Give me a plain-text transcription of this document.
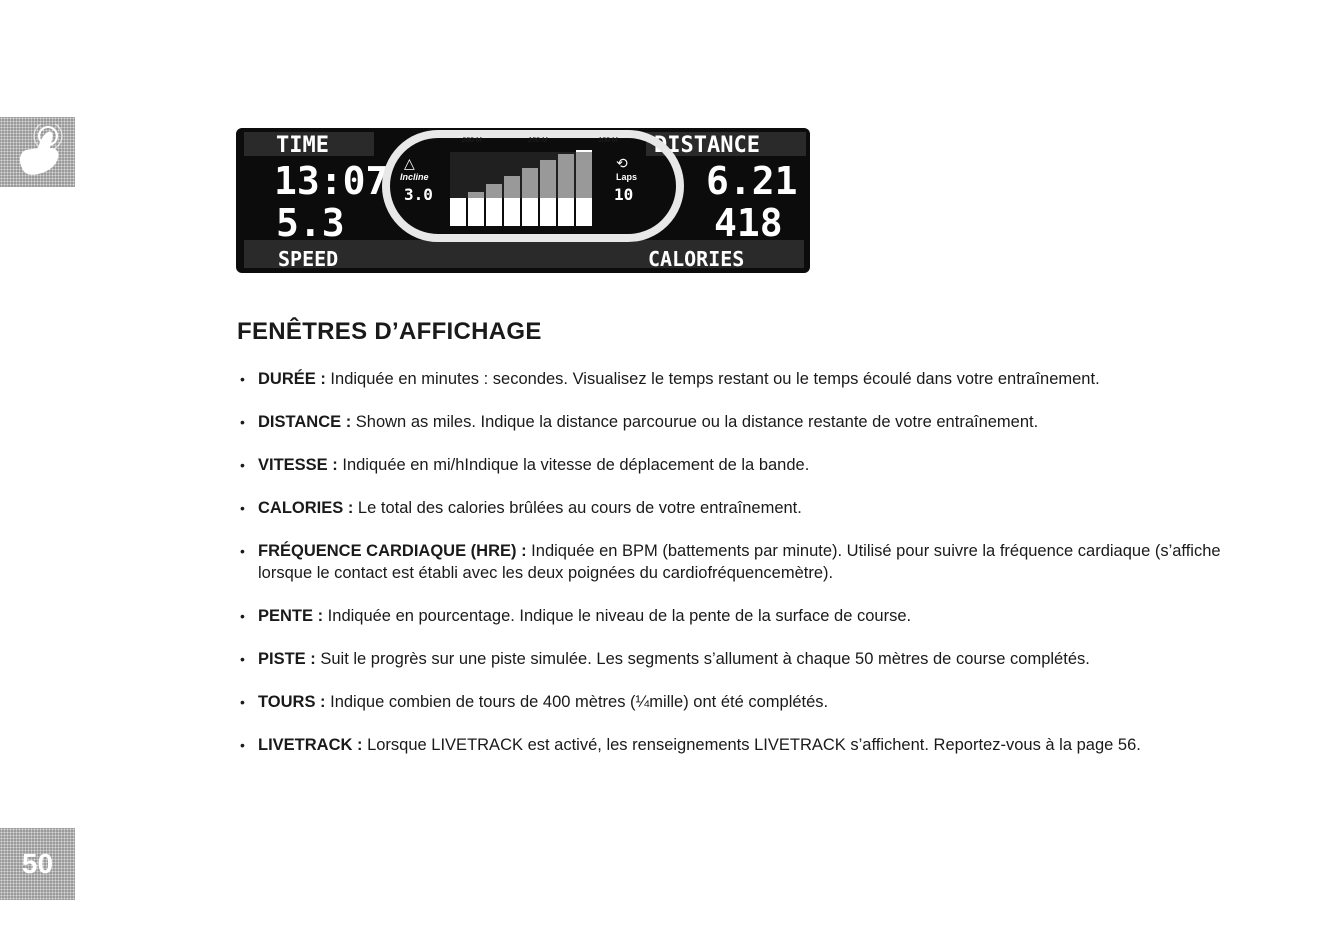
TIME	DISTANCE
SPEED	CALORIES
13:07	6.21
5.3	418
200 M	150 M	100 M
△
Incline
3.0
⟲
Laps
10
FENÊTRES D’AFFICHAGE
• DURÉE : Indiquée en minutes : secondes. Visualisez le temps restant ou le temps écoulé dans votre entraînement.
• DISTANCE : Shown as miles. Indique la distance parcourue ou la distance restante de votre entraînement.
• VITESSE : Indiquée en mi/hIndique la vitesse de déplacement de la bande.
• CALORIES : Le total des calories brûlées au cours de votre entraînement.
• FRÉQUENCE CARDIAQUE (HRE) : Indiquée en BPM (battements par minute). Utilisé pour suivre la fréquence cardiaque (s’affiche lorsque le contact est établi avec les deux poignées du cardiofréquencemètre).
• PENTE : Indiquée en pourcentage. Indique le niveau de la pente de la surface de course.
• PISTE : Suit le progrès sur une piste simulée. Les segments s’allument à chaque 50 mètres de course complétés.
• TOURS : Indique combien de tours de 400 mètres (¼mille) ont été complétés.
• LIVETRACK : Lorsque LIVETRACK est activé, les renseignements LIVETRACK s’affichent. Reportez-vous à la page 56.
50
